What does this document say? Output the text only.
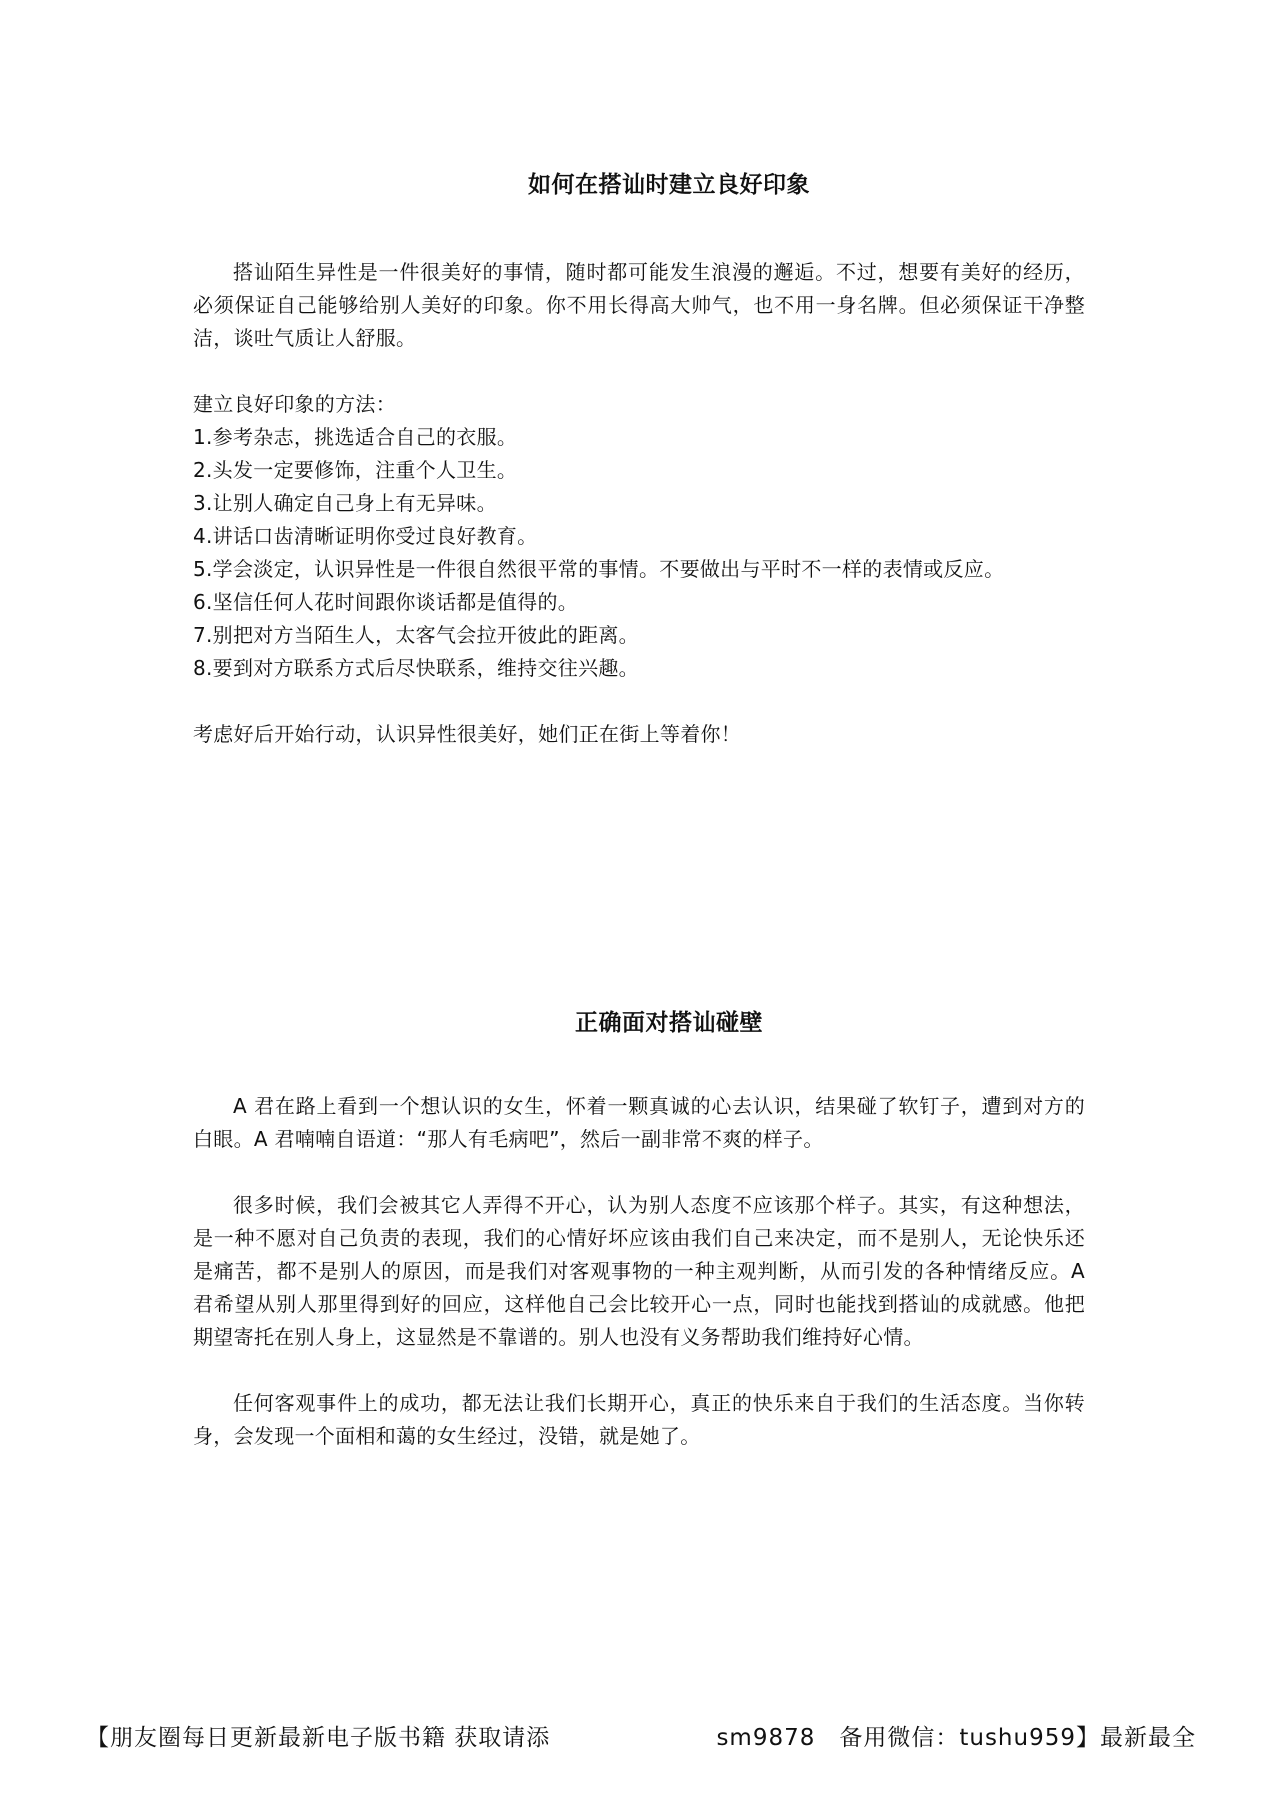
如何在搭讪时建立良好印象

搭讪陌生异性是一件很美好的事情，随时都可能发生浪漫的邂逅。不过，想要有美好的经历，必须保证自己能够给别人美好的印象。你不用长得高大帅气，也不用一身名牌。但必须保证干净整洁，谈吐气质让人舒服。

建立良好印象的方法：

1.参考杂志，挑选适合自己的衣服。
2.头发一定要修饰，注重个人卫生。
3.让别人确定自己身上有无异味。
4.讲话口齿清晰证明你受过良好教育。
5.学会淡定，认识异性是一件很自然很平常的事情。不要做出与平时不一样的表情或反应。
6.坚信任何人花时间跟你谈话都是值得的。
7.别把对方当陌生人，太客气会拉开彼此的距离。
8.要到对方联系方式后尽快联系，维持交往兴趣。

考虑好后开始行动，认识异性很美好，她们正在街上等着你！

正确面对搭讪碰壁

A 君在路上看到一个想认识的女生，怀着一颗真诚的心去认识，结果碰了软钉子，遭到对方的白眼。A 君喃喃自语道：“那人有毛病吧”，然后一副非常不爽的样子。

很多时候，我们会被其它人弄得不开心，认为别人态度不应该那个样子。其实，有这种想法，是一种不愿对自己负责的表现，我们的心情好坏应该由我们自己来决定，而不是别人，无论快乐还是痛苦，都不是别人的原因，而是我们对客观事物的一种主观判断，从而引发的各种情绪反应。A 君希望从别人那里得到好的回应，这样他自己会比较开心一点，同时也能找到搭讪的成就感。他把期望寄托在别人身上，这显然是不靠谱的。别人也没有义务帮助我们维持好心情。

任何客观事件上的成功，都无法让我们长期开心，真正的快乐来自于我们的生活态度。当你转身，会发现一个面相和蔼的女生经过，没错，就是她了。

【朋友圈每日更新最新电子版书籍 获取请添	sm9878　备用微信：tushu959】最新最全
